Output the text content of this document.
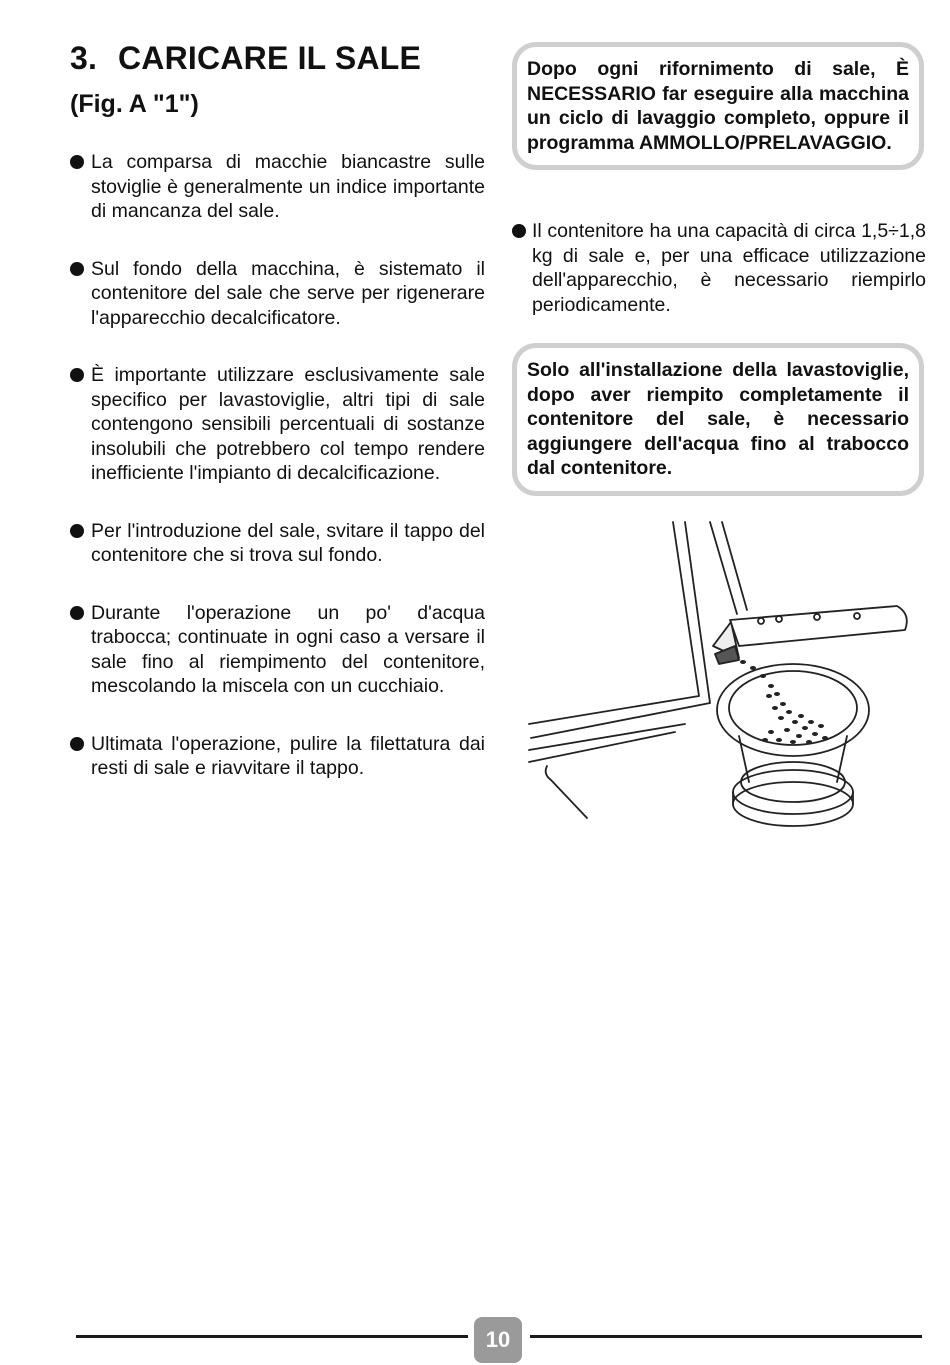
3. CARICARE IL SALE
(Fig. A "1")
La comparsa di macchie biancastre sulle stoviglie è generalmente un indice importante di mancanza del sale.
Sul fondo della macchina, è sistemato il contenitore del sale che serve per rigenerare l'apparecchio decalcificatore.
È importante utilizzare esclusivamente sale specifico per lavastoviglie, altri tipi di sale contengono sensibili percentuali di sostanze insolubili che potrebbero col tempo rendere inefficiente l'impianto di decalcificazione.
Per l'introduzione del sale, svitare il tappo del contenitore che si trova sul fondo.
Durante l'operazione un po' d'acqua trabocca; continuate in ogni caso a versare il sale fino al riempimento del contenitore, mescolando la miscela con un cucchiaio.
Ultimata l'operazione, pulire la filettatura dai resti di sale e riavvitare il tappo.
Dopo ogni rifornimento di sale, È NECESSARIO far eseguire alla macchina un ciclo di lavaggio completo, oppure il programma AMMOLLO/PRELAVAGGIO.
Il contenitore ha una capacità di circa 1,5÷1,8 kg di sale e, per una efficace utilizzazione dell'apparecchio, è necessario riempirlo periodicamente.
Solo all'installazione della lavastoviglie, dopo aver riempito completamente il contenitore del sale, è necessario aggiungere dell'acqua fino al trabocco dal contenitore.
10
